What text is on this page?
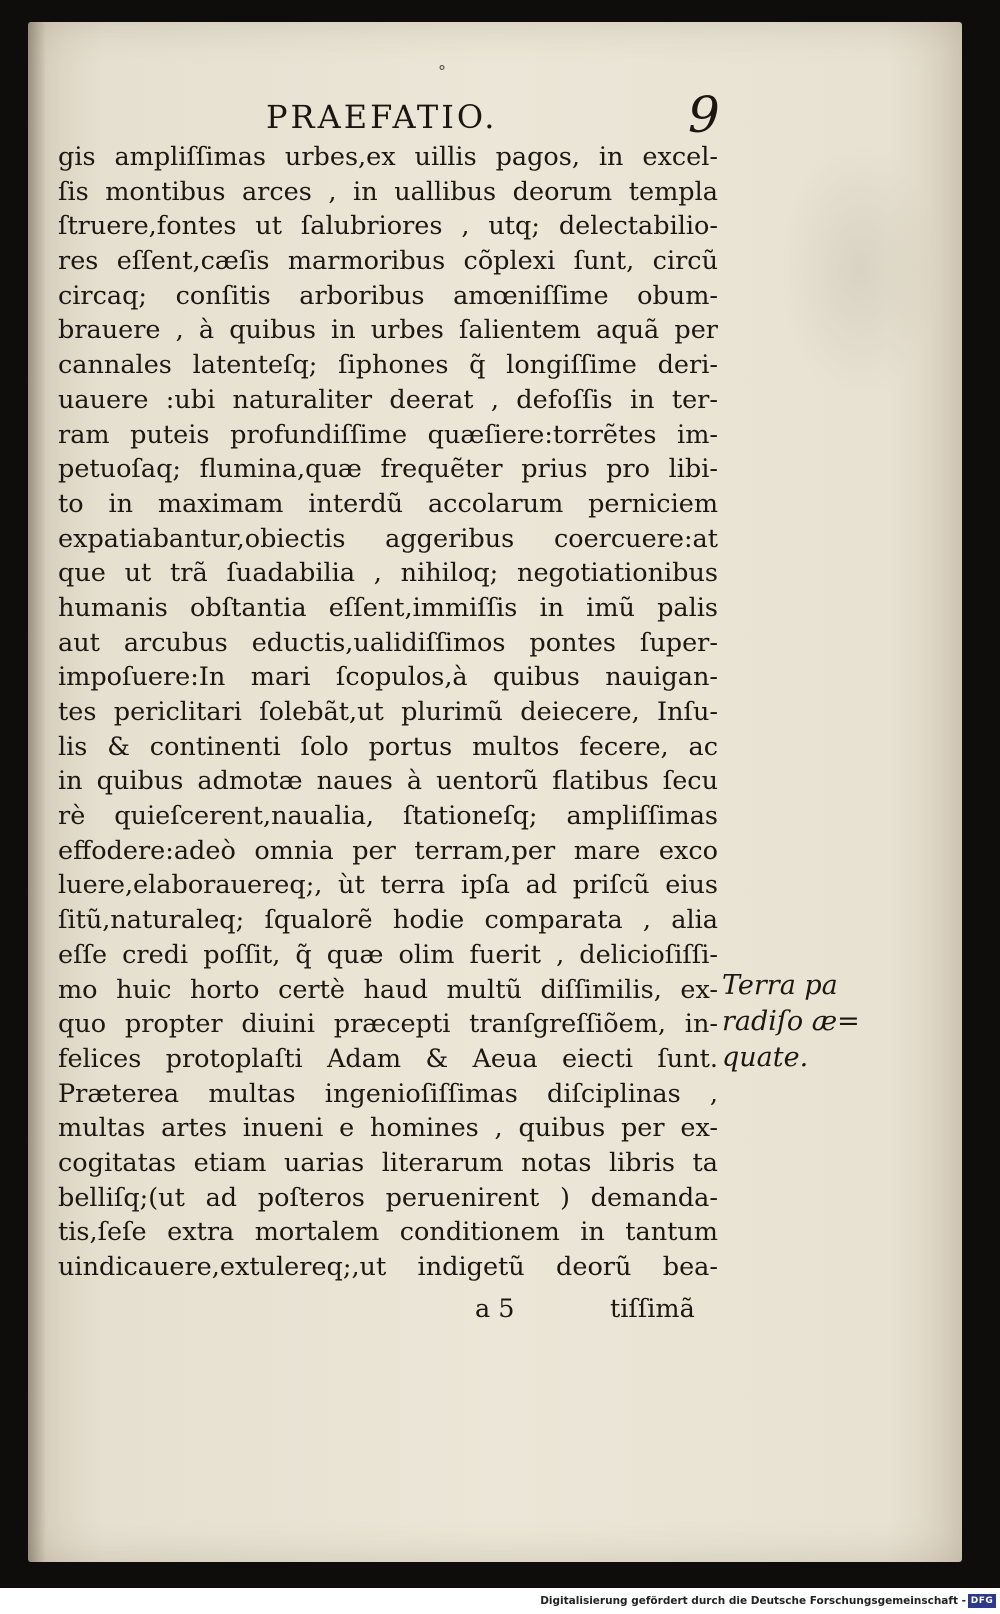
°
PRAEFATIO.	9
gis ampliſſimas urbes,ex uillis pagos, in excel-
ſis montibus arces , in uallibus deorum templa
ſtruere,fontes ut ſalubriores , utq; delectabilio-
res eſſent,cæſis marmoribus cõplexi ſunt, circũ
circaq; conſitis arboribus amœniſſime obum-
brauere , à quibus in urbes ſalientem aquã per
cannales latenteſq; ſiphones q̃ longiſſime deri-
uauere :ubi naturaliter deerat , defoſſis in ter-
ram puteis profundiſſime quæſiere:torrẽtes im-
petuoſaq; flumina,quæ frequẽter prius pro libi-
to in maximam interdũ accolarum perniciem
expatiabantur,obiectis aggeribus coercuere:at
que ut trã ſuadabilia , nihiloq; negotiationibus
humanis obſtantia eſſent,immiſſis in imũ palis
aut arcubus eductis,ualidiſſimos pontes ſuper-
impoſuere:In mari ſcopulos,à quibus nauigan-
tes periclitari ſolebãt,ut plurimũ deiecere, Inſu-
lis & continenti ſolo portus multos fecere, ac
in quibus admotæ naues à uentorũ flatibus ſecu
rè quieſcerent,naualia, ſtationeſq; ampliſſimas
effodere:adeò omnia per terram,per mare exco
luere,elaborauereq;, ùt terra ipſa ad priſcũ eius
ſitũ,naturaleq; ſqualorẽ hodie comparata , alia
eſſe credi poſſit, q̃ quæ olim fuerit , delicioſiſſi-
mo huic horto certè haud multũ diſſimilis, ex-
quo propter diuini præcepti tranſgreſſiõem, in-
felices protoplaſti Adam & Aeua eiecti ſunt.
Præterea multas ingenioſiſſimas diſciplinas ,
multas artes inueni e homines , quibus per ex-
cogitatas etiam uarias literarum notas libris ta
belliſq;(ut ad poſteros peruenirent ) demanda-
tis,ſeſe extra mortalem conditionem in tantum
uindicauere,extulereq;,ut indigetũ deorũ bea-
a 5	tiſſimã
Terra pa
radiſo æ=
quate.
Digitalisierung gefördert durch die Deutsche Forschungsgemeinschaft - DFG
